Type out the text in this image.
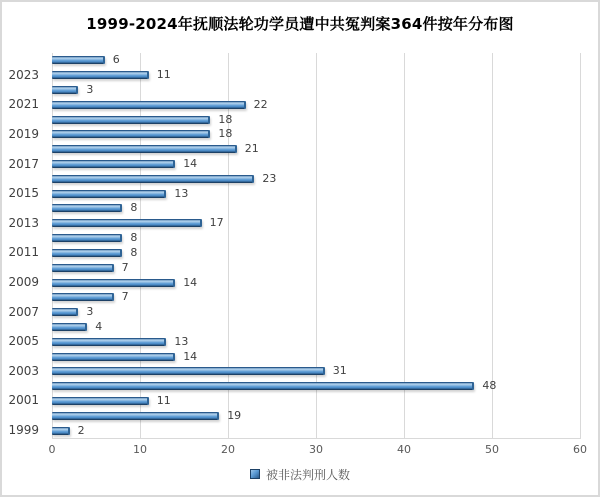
1999-2024年抚顺法轮功学员遭中共冤判案364件按年分布图
2
19
11
48
31
14
13
4
3
7
14
7
8
8
17
8
13
23
14
21
18
18
22
3
11
6
1999
2001
2003
2005
2007
2009
2011
2013
2015
2017
2019
2021
2023
0	10	20	30	40	50	60
被非法判刑人数
